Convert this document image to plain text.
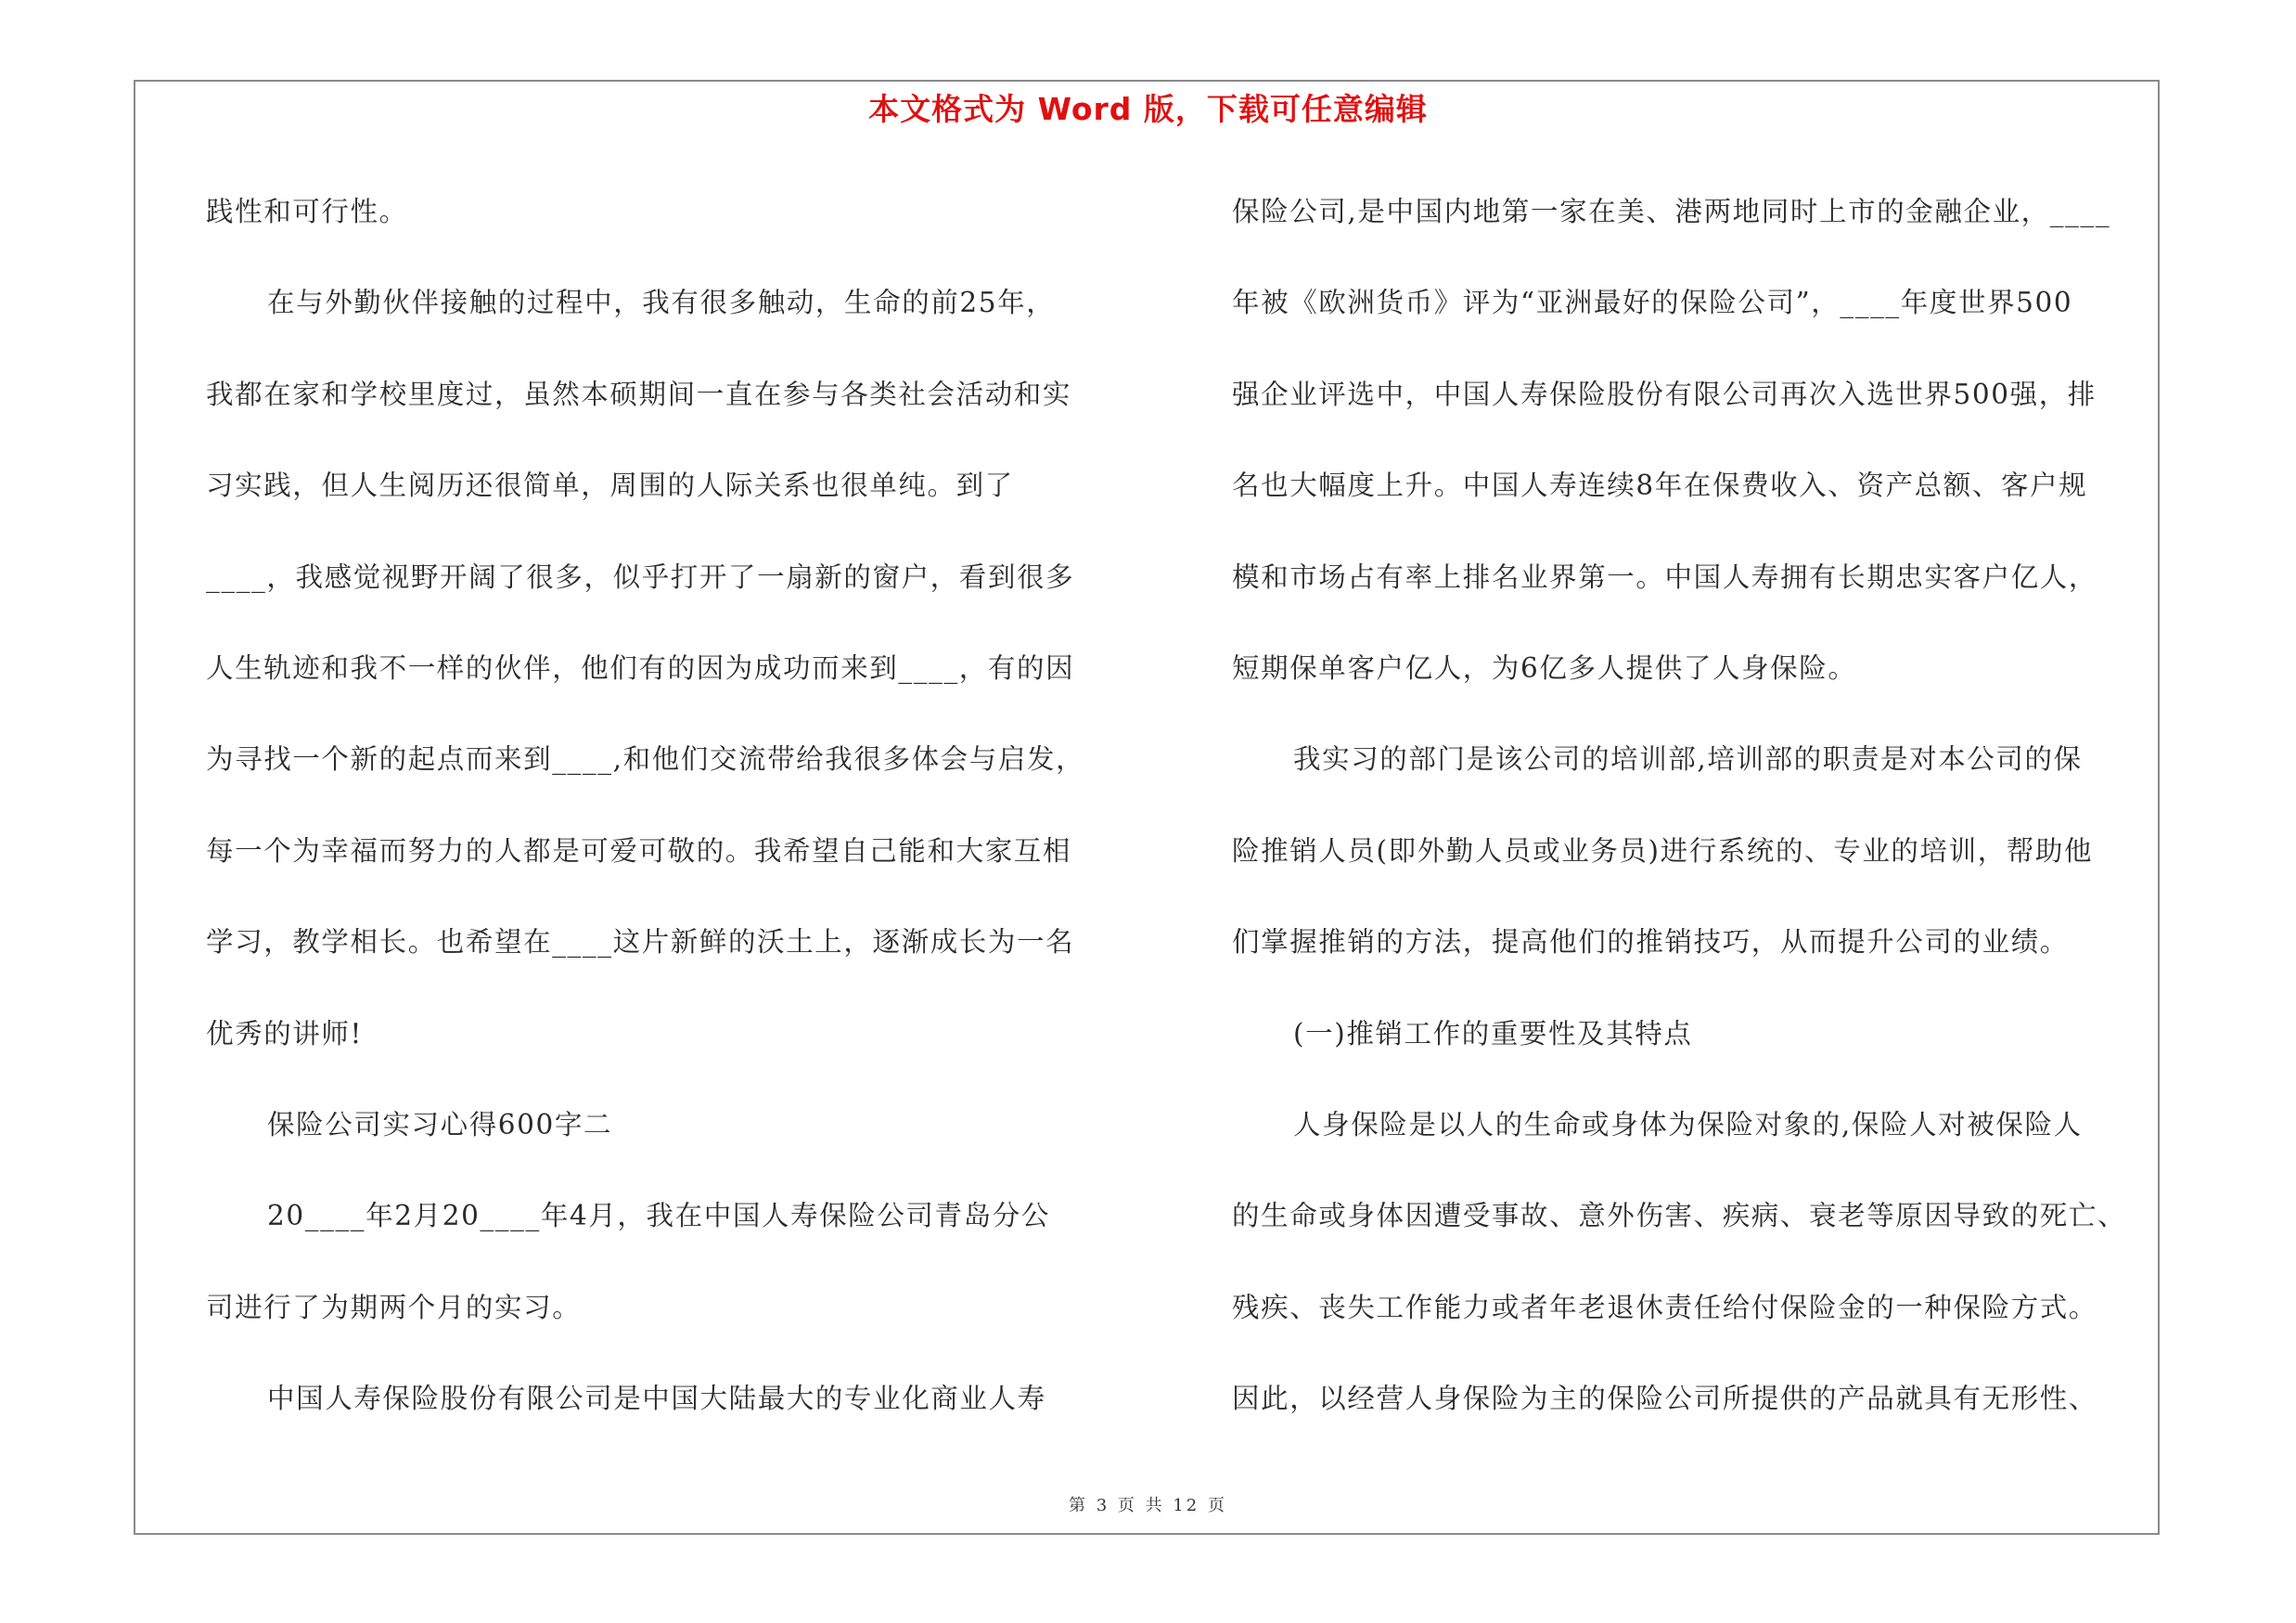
本文格式为 Word 版，下载可任意编辑
践性和可行性。
在与外勤伙伴接触的过程中，我有很多触动，生命的前25年，
我都在家和学校里度过，虽然本硕期间一直在参与各类社会活动和实
习实践，但人生阅历还很简单，周围的人际关系也很单纯。到了
____，我感觉视野开阔了很多，似乎打开了一扇新的窗户，看到很多
人生轨迹和我不一样的伙伴，他们有的因为成功而来到____，有的因
为寻找一个新的起点而来到____,和他们交流带给我很多体会与启发，
每一个为幸福而努力的人都是可爱可敬的。我希望自己能和大家互相
学习，教学相长。也希望在____这片新鲜的沃土上，逐渐成长为一名
优秀的讲师!
保险公司实习心得600字二
20____年2月20____年4月，我在中国人寿保险公司青岛分公
司进行了为期两个月的实习。
中国人寿保险股份有限公司是中国大陆最大的专业化商业人寿
保险公司,是中国内地第一家在美、港两地同时上市的金融企业，____
年被《欧洲货币》评为“亚洲最好的保险公司”，____年度世界500
强企业评选中，中国人寿保险股份有限公司再次入选世界500强，排
名也大幅度上升。中国人寿连续8年在保费收入、资产总额、客户规
模和市场占有率上排名业界第一。中国人寿拥有长期忠实客户亿人，
短期保单客户亿人，为6亿多人提供了人身保险。
我实习的部门是该公司的培训部,培训部的职责是对本公司的保
险推销人员(即外勤人员或业务员)进行系统的、专业的培训，帮助他
们掌握推销的方法，提高他们的推销技巧，从而提升公司的业绩。
(一)推销工作的重要性及其特点
人身保险是以人的生命或身体为保险对象的,保险人对被保险人
的生命或身体因遭受事故、意外伤害、疾病、衰老等原因导致的死亡、
残疾、丧失工作能力或者年老退休责任给付保险金的一种保险方式。
因此，以经营人身保险为主的保险公司所提供的产品就具有无形性、
第 3 页 共 12 页
